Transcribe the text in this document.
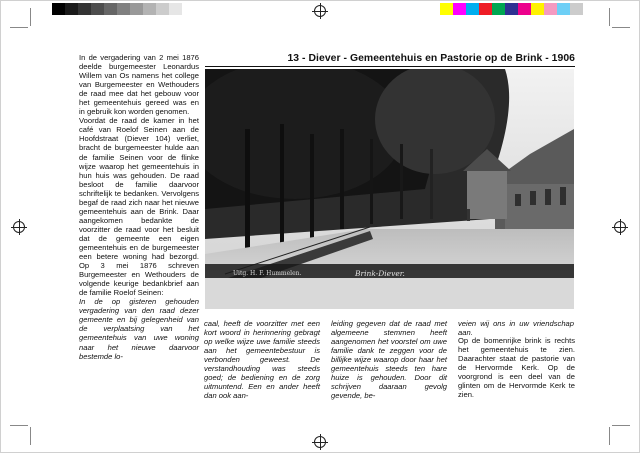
In de vergadering van 2 mei 1876 deelde burgemeester Leonardus Willem van Os namens het college van Burgemeester en Wethouders de raad mee dat het gebouw voor het gemeentehuis gereed was en in gebruik kon worden genomen.

Voordat de raad de kamer in het café van Roelof Seinen aan de Hoofdstraat (Diever 104) verliet, bracht de burgemeester hulde aan de familie Seinen voor de flinke wijze waarop het gemeentehuis in hun huis was gehouden. De raad besloot de familie daarvoor schriftelijk te bedanken. Vervolgens begaf de raad zich naar het nieuwe gemeentehuis aan de Brink. Daar aangekomen bedankte de voorzitter de raad voor het besluit dat de gemeente een eigen gemeentehuis en de burgemeester een betere woning had bezorgd. Op 3 mei 1876 schreven Burgemeester en Wethouders de volgende keurige bedankbrief aan de familie Roelof Seinen:

In de op gisteren gehouden vergadering van den raad dezer gemeente en bij gelegenheid van de verplaatsing van het gemeentehuis van uwe woning naar het nieuwe daarvoor bestemde lo-

13 - Diever - Gemeentehuis en Pastorie op de Brink - 1906
Uitg. H. F. Hummelen.	Brink-Diever.

caal, heeft de voorzitter met een kort woord in herinnering gebragt op welke wijze uwe familie steeds aan het gemeentebestuur is verbonden geweest. De verstandhouding was steeds goed; de bediening en de zorg uitmuntend. Een en ander heeft dan ook aan-

leiding gegeven dat de raad met algemeene stemmen heeft aangenomen het voorstel om uwe familie dank te zeggen voor de billijke wijze waarop door haar het gemeentehuis steeds ten hare huize is gehouden. Door dit schrijven daaraan gevolg gevende, be-

veien wij ons in uw vriendschap aan.

Op de bomenrijke brink is rechts het gemeentehuis te zien. Daarachter staat de pastorie van de Hervormde Kerk. Op de voorgrond is een deel van de glinten om de Hervormde Kerk te zien.
